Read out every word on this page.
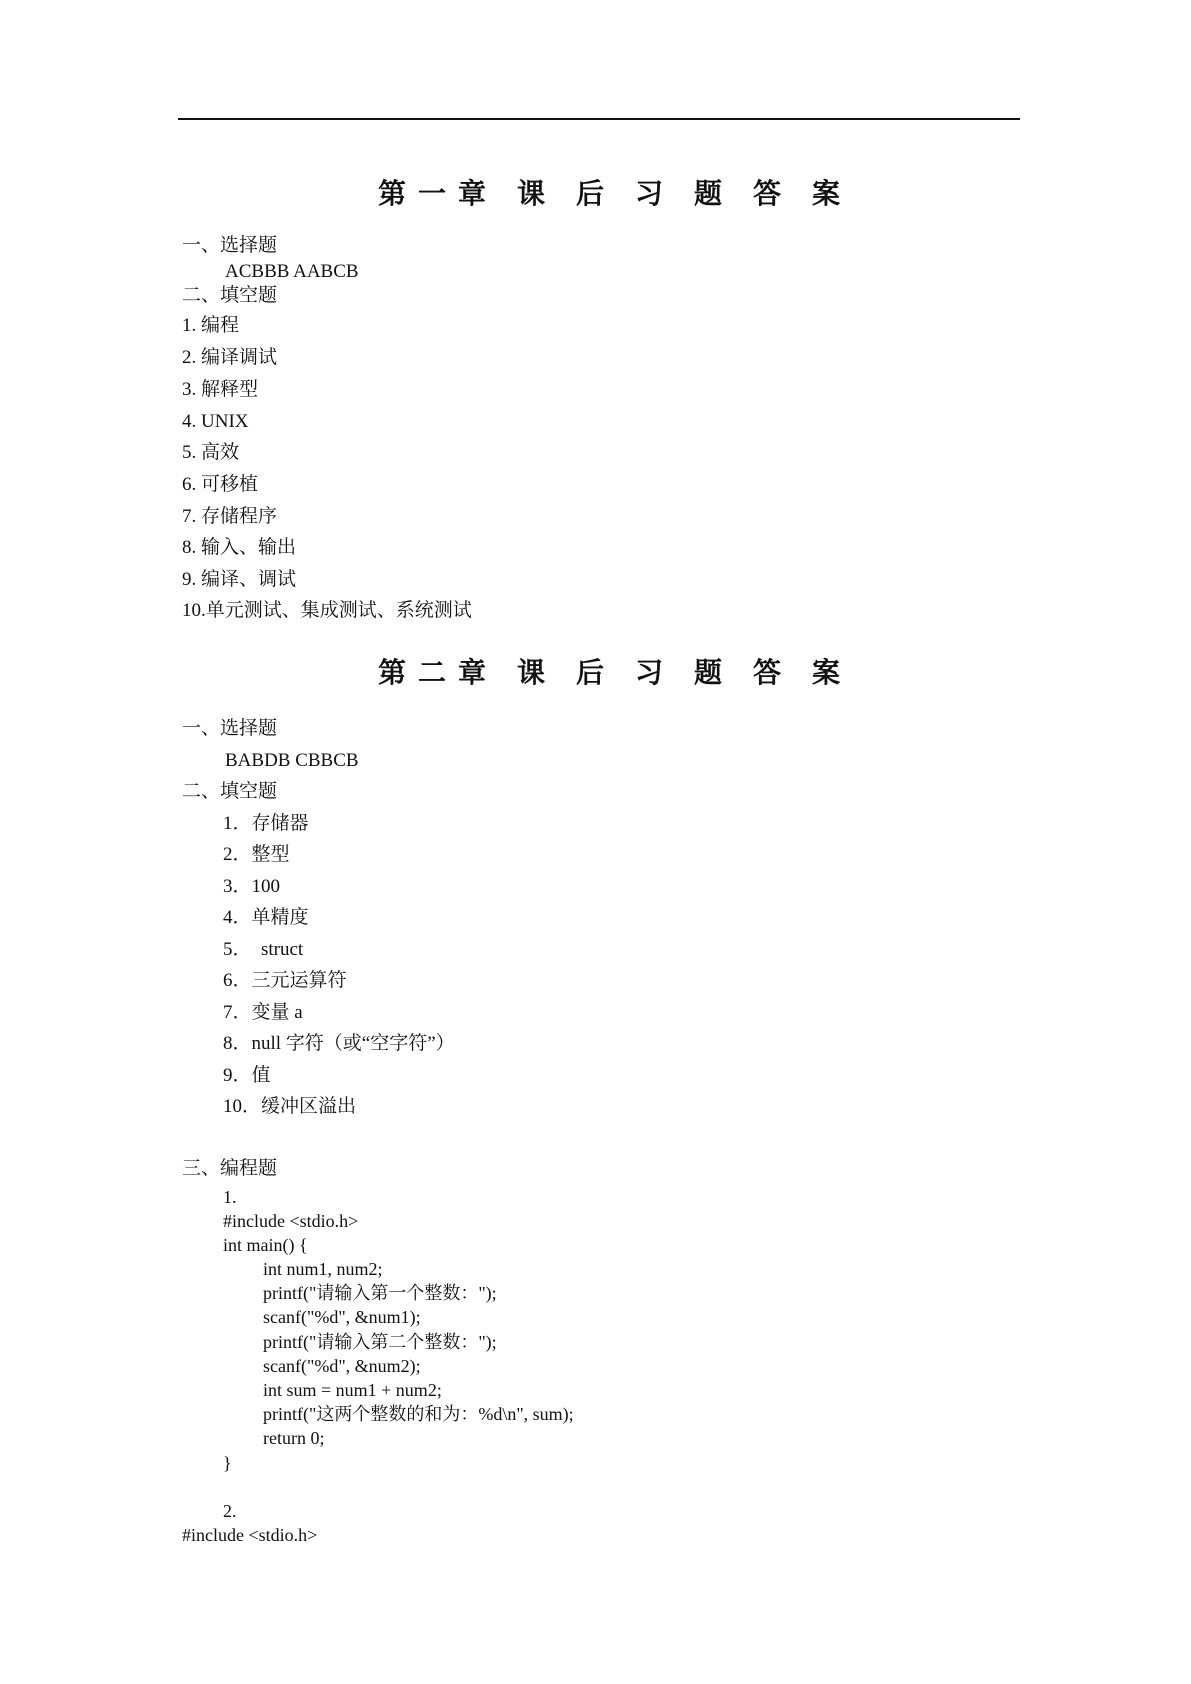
第一章 课 后 习 题 答 案
一、选择题
ACBBB AABCB
二、填空题
1. 编程
2. 编译调试
3. 解释型
4. UNIX
5. 高效
6. 可移植
7. 存储程序
8. 输入、输出
9. 编译、调试
10.单元测试、集成测试、系统测试
第二章 课 后 习 题 答 案
一、选择题
BABDB CBBCB
二、填空题
1．存储器
2．整型
3．100
4．单精度
5．  struct
6．三元运算符
7．变量 a
8．null 字符（或“空字符”）
9．值
10．缓冲区溢出
三、编程题
1.
#include <stdio.h>
int main() {
int num1, num2;
printf("请输入第一个整数：");
scanf("%d", &num1);
printf("请输入第二个整数：");
scanf("%d", &num2);
int sum = num1 + num2;
printf("这两个整数的和为：%d\n", sum);
return 0;
}
2.
#include <stdio.h>
